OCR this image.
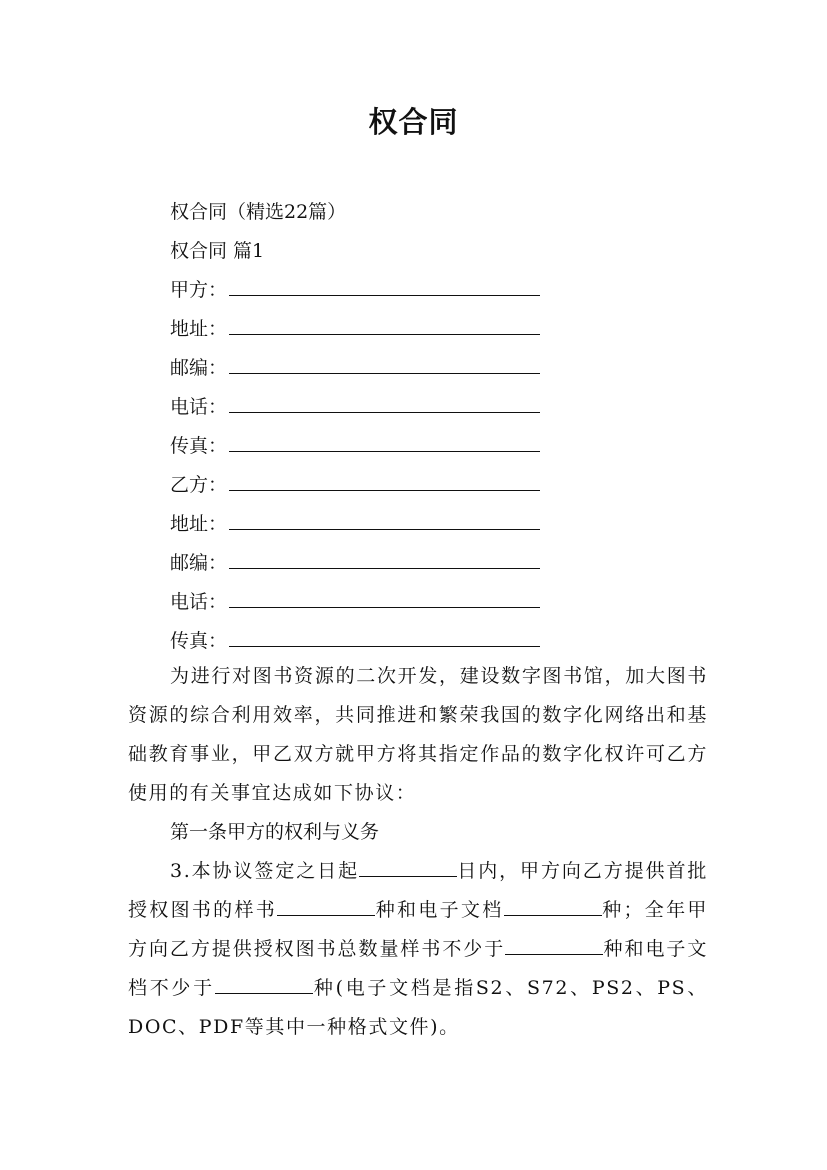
权合同
权合同（精选22篇）
权合同 篇1
甲方：
地址：
邮编：
电话：
传真：
乙方：
地址：
邮编：
电话：
传真：
为进行对图书资源的二次开发，建设数字图书馆，加大图书资源的综合利用效率，共同推进和繁荣我国的数字化网络出和基础教育事业，甲乙双方就甲方将其指定作品的数字化权许可乙方使用的有关事宜达成如下协议：
第一条甲方的权利与义务
3.本协议签定之日起	日内，甲方向乙方提供首批授权图书的样书	种和电子文档	种；全年甲方向乙方提供授权图书总数量样书不少于	种和电子文档不少于	种(电子文档是指S2、S72、PS2、PS、DOC、PDF等其中一种格式文件)。
